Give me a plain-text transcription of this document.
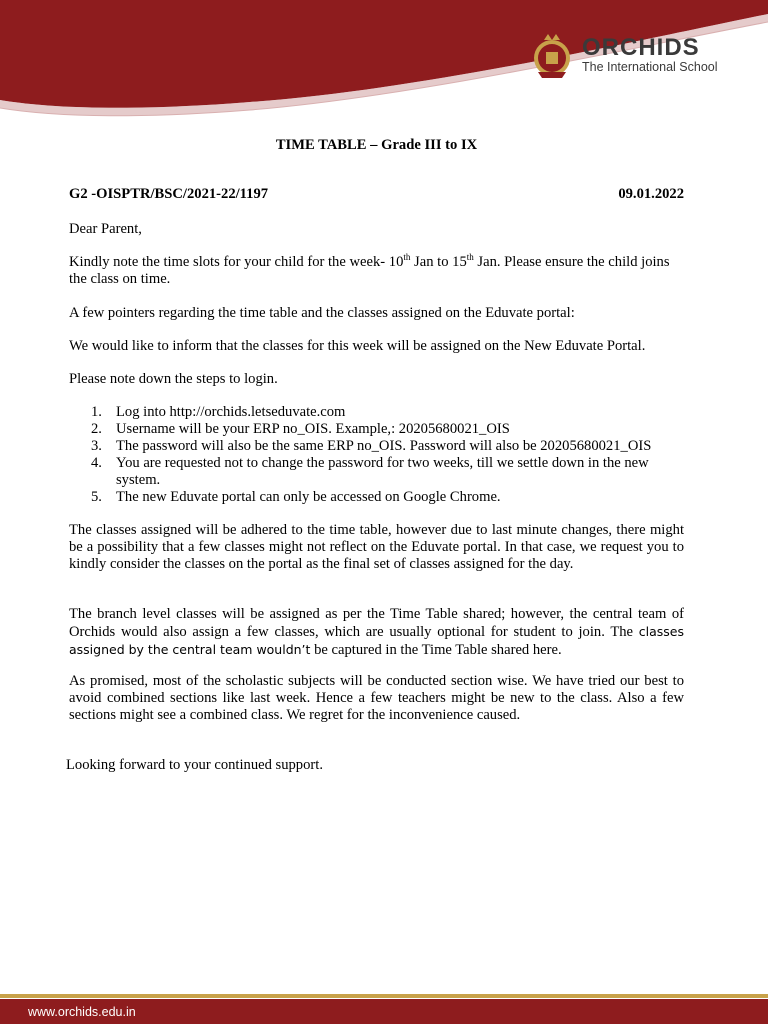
ORCHIDS
The International School
TIME TABLE – Grade III to IX
G2 -OISPTR/BSC/2021-22/1197	09.01.2022

Dear Parent,

Kindly note the time slots for your child for the week- 10th Jan to 15th Jan. Please ensure the child joins the class on time.

A few pointers regarding the time table and the classes assigned on the Eduvate portal:

We would like to inform that the classes for this week will be assigned on the New Eduvate Portal.

Please note down the steps to login.

1. Log into http://orchids.letseduvate.com
2. Username will be your ERP no_OIS. Example,: 20205680021_OIS
3. The password will also be the same ERP no_OIS. Password will also be 20205680021_OIS
4. You are requested not to change the password for two weeks, till we settle down in the new system.
5. The new Eduvate portal can only be accessed on Google Chrome.

The classes assigned will be adhered to the time table, however due to last minute changes, there might be a possibility that a few classes might not reflect on the Eduvate portal. In that case, we request you to kindly consider the classes on the portal as the final set of classes assigned for the day.

The branch level classes will be assigned as per the Time Table shared; however, the central team of Orchids would also assign a few classes, which are usually optional for student to join. The classes assigned by the central team wouldn’t be captured in the Time Table shared here.

As promised, most of the scholastic subjects will be conducted section wise. We have tried our best to avoid combined sections like last week. Hence a few teachers might be new to the class. Also a few sections might see a combined class. We regret for the inconvenience caused.

Looking forward to your continued support.

www.orchids.edu.in
